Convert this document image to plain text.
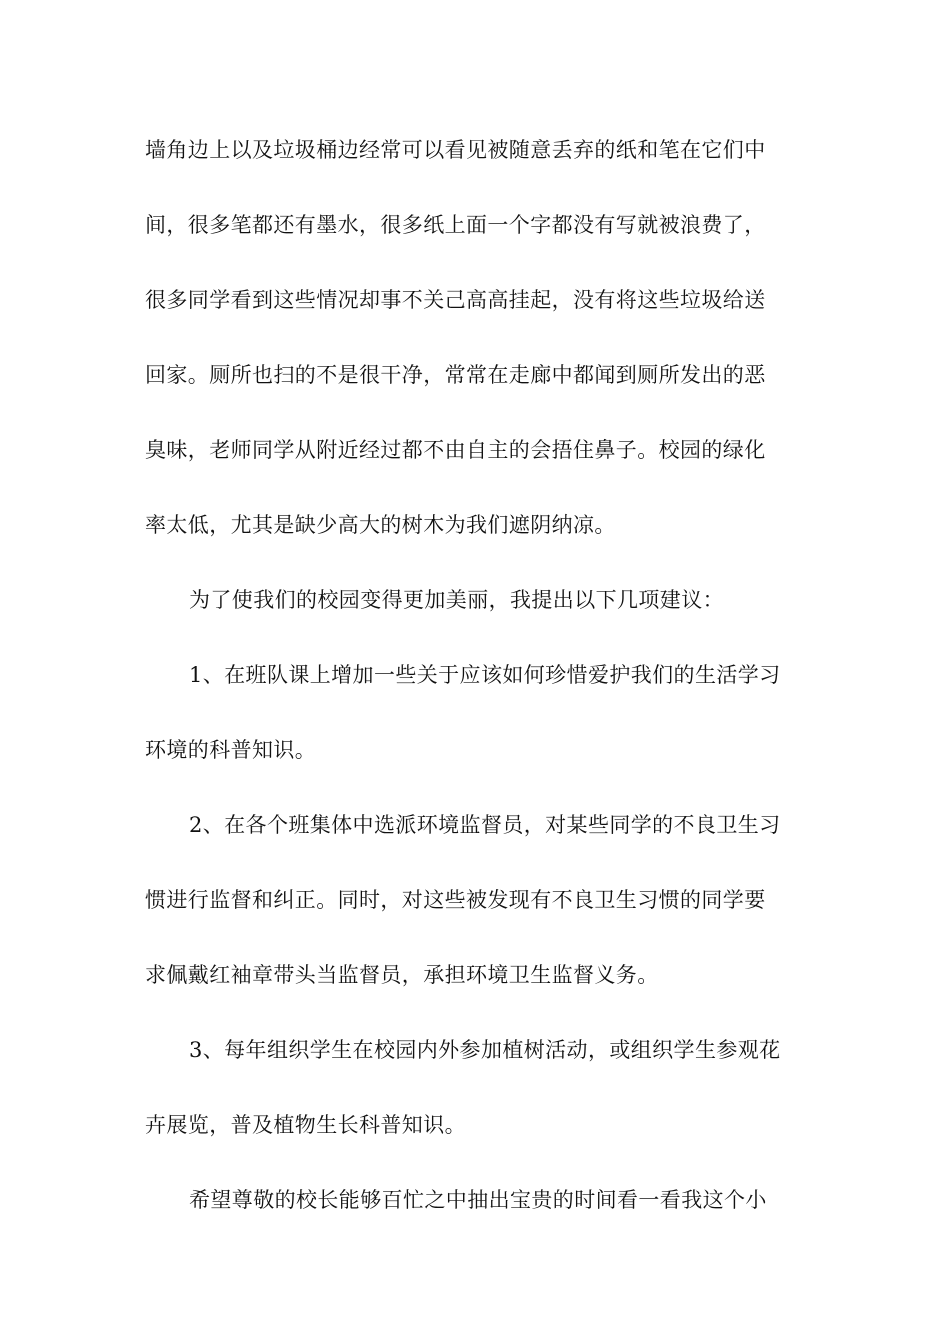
墙角边上以及垃圾桶边经常可以看见被随意丢弃的纸和笔在它们中
间，很多笔都还有墨水，很多纸上面一个字都没有写就被浪费了，
很多同学看到这些情况却事不关己高高挂起，没有将这些垃圾给送
回家。厕所也扫的不是很干净，常常在走廊中都闻到厕所发出的恶
臭味，老师同学从附近经过都不由自主的会捂住鼻子。校园的绿化
率太低，尤其是缺少高大的树木为我们遮阴纳凉。
为了使我们的校园变得更加美丽，我提出以下几项建议：
1、在班队课上增加一些关于应该如何珍惜爱护我们的生活学习
环境的科普知识。
2、在各个班集体中选派环境监督员，对某些同学的不良卫生习
惯进行监督和纠正。同时，对这些被发现有不良卫生习惯的同学要
求佩戴红袖章带头当监督员，承担环境卫生监督义务。
3、每年组织学生在校园内外参加植树活动，或组织学生参观花
卉展览，普及植物生长科普知识。
希望尊敬的校长能够百忙之中抽出宝贵的时间看一看我这个小
